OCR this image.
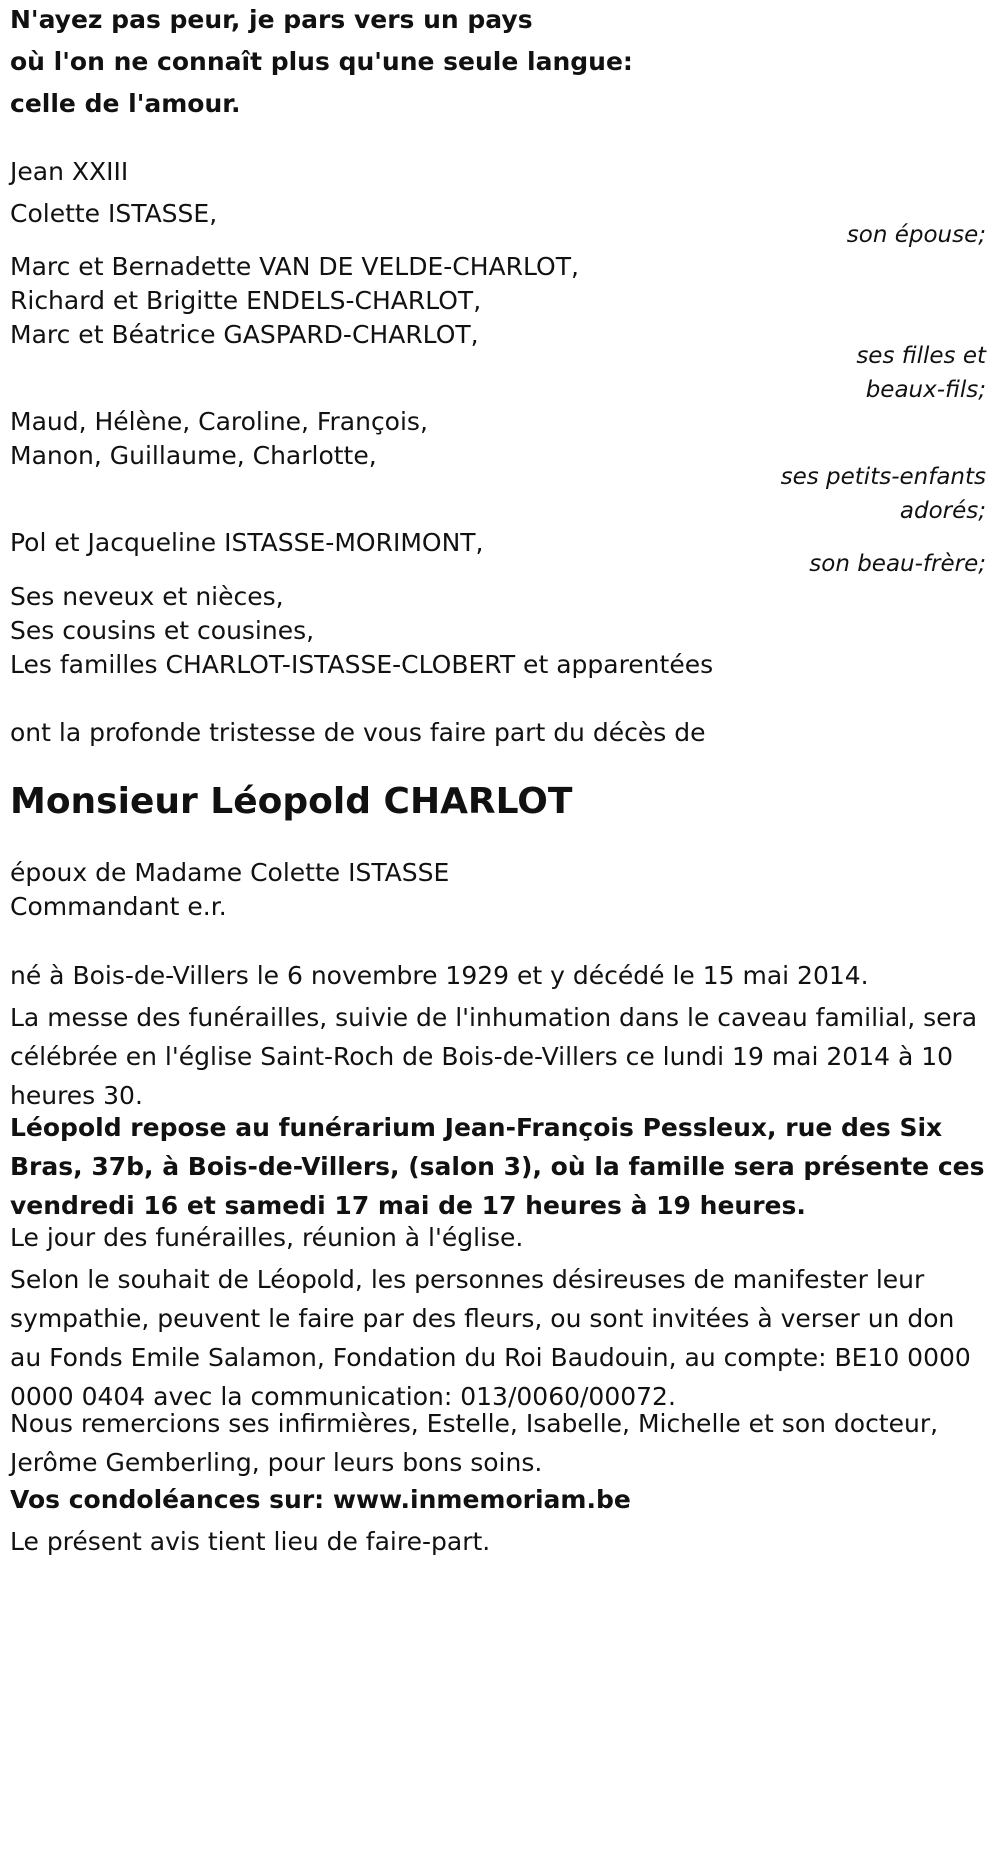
N'ayez pas peur, je pars vers un pays
où l'on ne connaît plus qu'une seule langue:
celle de l'amour.
Jean XXIII
Colette ISTASSE,
son épouse;
Marc et Bernadette VAN DE VELDE-CHARLOT,
Richard et Brigitte ENDELS-CHARLOT,
Marc et Béatrice GASPARD-CHARLOT,
ses filles et
beaux-fils;
Maud, Hélène, Caroline, François,
Manon, Guillaume, Charlotte,
ses petits-enfants
adorés;
Pol et Jacqueline ISTASSE-MORIMONT,
son beau-frère;
Ses neveux et nièces,
Ses cousins et cousines,
Les familles CHARLOT-ISTASSE-CLOBERT et apparentées
ont la profonde tristesse de vous faire part du décès de
Monsieur Léopold CHARLOT
époux de Madame Colette ISTASSE
Commandant e.r.
né à Bois-de-Villers le 6 novembre 1929 et y décédé le 15 mai 2014.
La messe des funérailles, suivie de l'inhumation dans le caveau familial, sera célébrée en l'église Saint-Roch de Bois-de-Villers ce lundi 19 mai 2014 à 10 heures 30.
Léopold repose au funérarium Jean-François Pessleux, rue des Six Bras, 37b, à Bois-de-Villers, (salon 3), où la famille sera présente ces vendredi 16 et samedi 17 mai de 17 heures à 19 heures.
Le jour des funérailles, réunion à l'église.
Selon le souhait de Léopold, les personnes désireuses de manifester leur sympathie, peuvent le faire par des fleurs, ou sont invitées à verser un don au Fonds Emile Salamon, Fondation du Roi Baudouin, au compte: BE10 0000 0000 0404 avec la communication: 013/0060/00072.
Nous remercions ses infirmières, Estelle, Isabelle, Michelle et son docteur, Jerôme Gemberling, pour leurs bons soins.
Vos condoléances sur: www.inmemoriam.be
Le présent avis tient lieu de faire-part.
